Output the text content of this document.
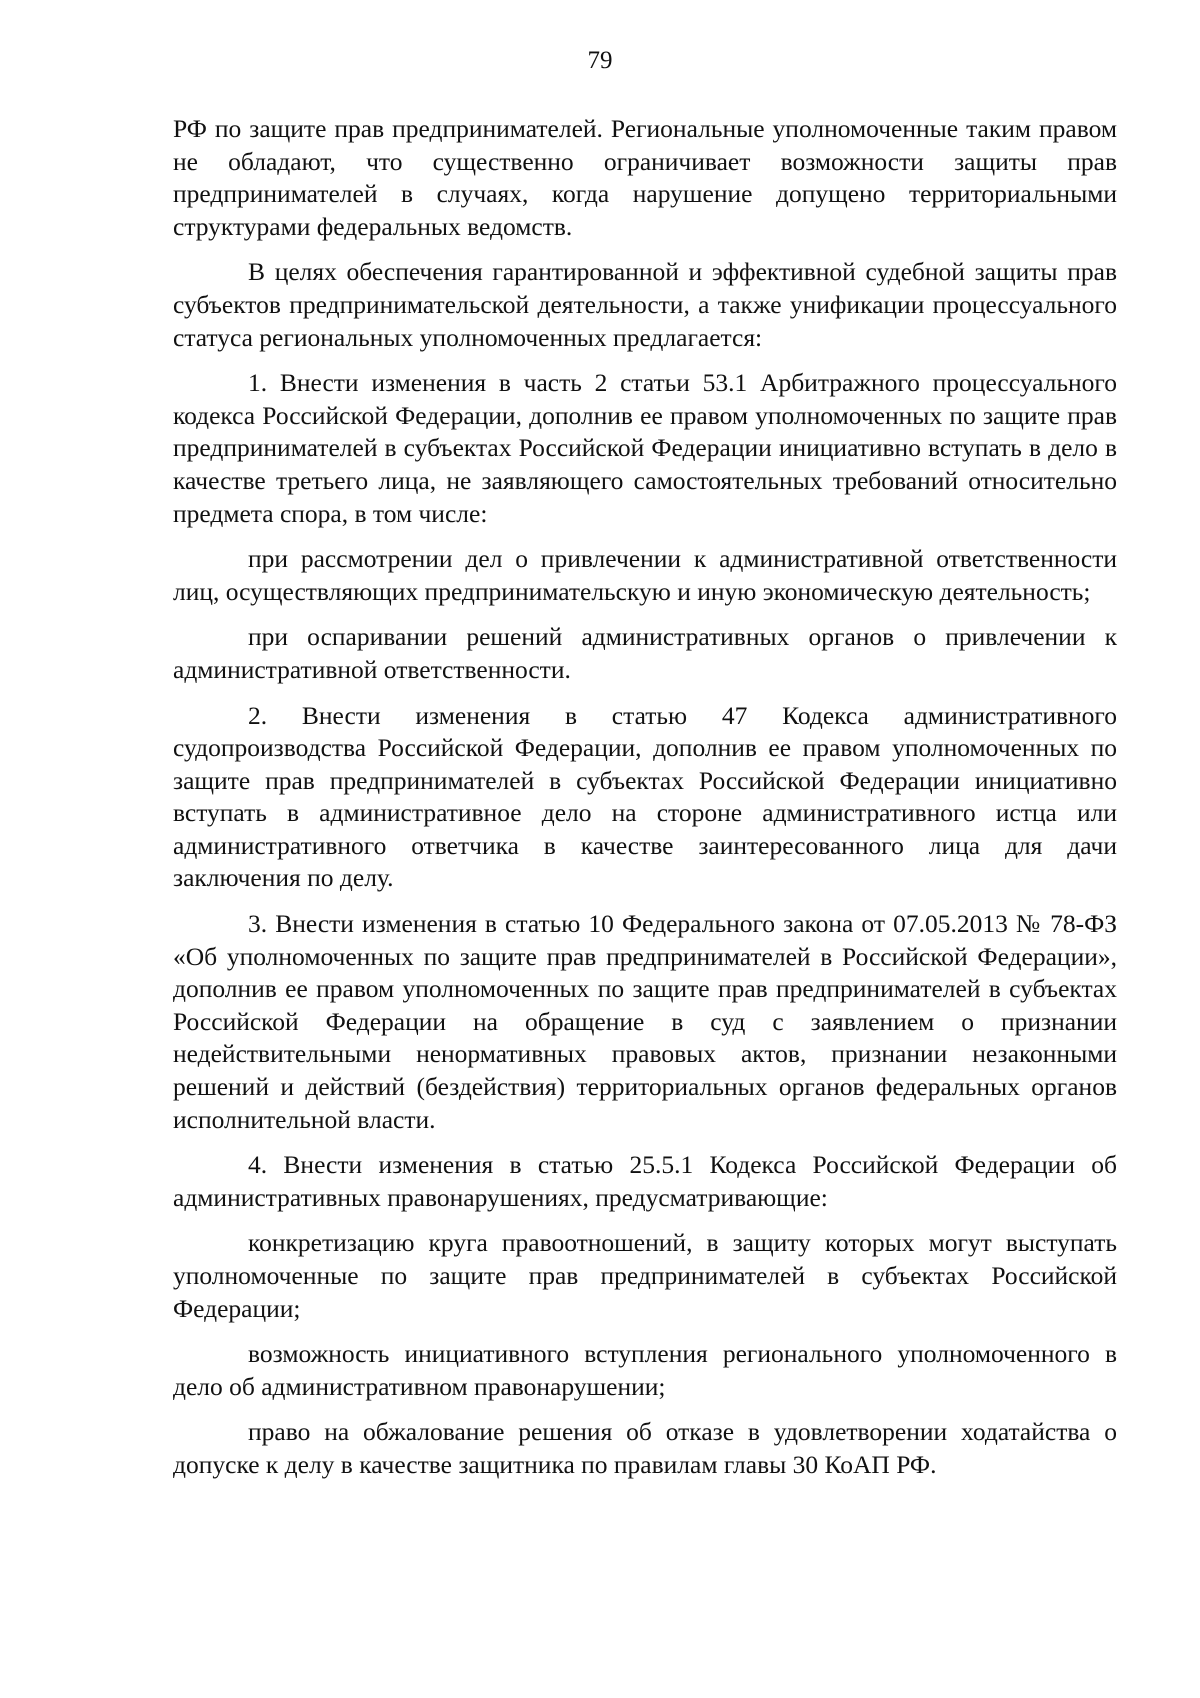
79

РФ по защите прав предпринимателей. Региональные уполномоченные таким правом не обладают, что существенно ограничивает возможности защиты прав предпринимателей в случаях, когда нарушение допущено территориальными структурами федеральных ведомств.

В целях обеспечения гарантированной и эффективной судебной защиты прав субъектов предпринимательской деятельности, а также унификации процессуального статуса региональных уполномоченных предлагается:

1. Внести изменения в часть 2 статьи 53.1 Арбитражного процессуального кодекса Российской Федерации, дополнив ее правом уполномоченных по защите прав предпринимателей в субъектах Российской Федерации инициативно вступать в дело в качестве третьего лица, не заявляющего самостоятельных требований относительно предмета спора, в том числе:

при рассмотрении дел о привлечении к административной ответственности лиц, осуществляющих предпринимательскую и иную экономическую деятельность;

при оспаривании решений административных органов о привлечении к административной ответственности.

2. Внести изменения в статью 47 Кодекса административного судопроизводства Российской Федерации, дополнив ее правом уполномоченных по защите прав предпринимателей в субъектах Российской Федерации инициативно вступать в административное дело на стороне административного истца или административного ответчика в качестве заинтересованного лица для дачи заключения по делу.

3. Внести изменения в статью 10 Федерального закона от 07.05.2013 № 78-ФЗ «Об уполномоченных по защите прав предпринимателей в Российской Федерации», дополнив ее правом уполномоченных по защите прав предпринимателей в субъектах Российской Федерации на обращение в суд с заявлением о признании недействительными ненормативных правовых актов, признании незаконными решений и действий (бездействия) территориальных органов федеральных органов исполнительной власти.

4. Внести изменения в статью 25.5.1 Кодекса Российской Федерации об административных правонарушениях, предусматривающие:

конкретизацию круга правоотношений, в защиту которых могут выступать уполномоченные по защите прав предпринимателей в субъектах Российской Федерации;

возможность инициативного вступления регионального уполномоченного в дело об административном правонарушении;

право на обжалование решения об отказе в удовлетворении ходатайства о допуске к делу в качестве защитника по правилам главы 30 КоАП РФ.
